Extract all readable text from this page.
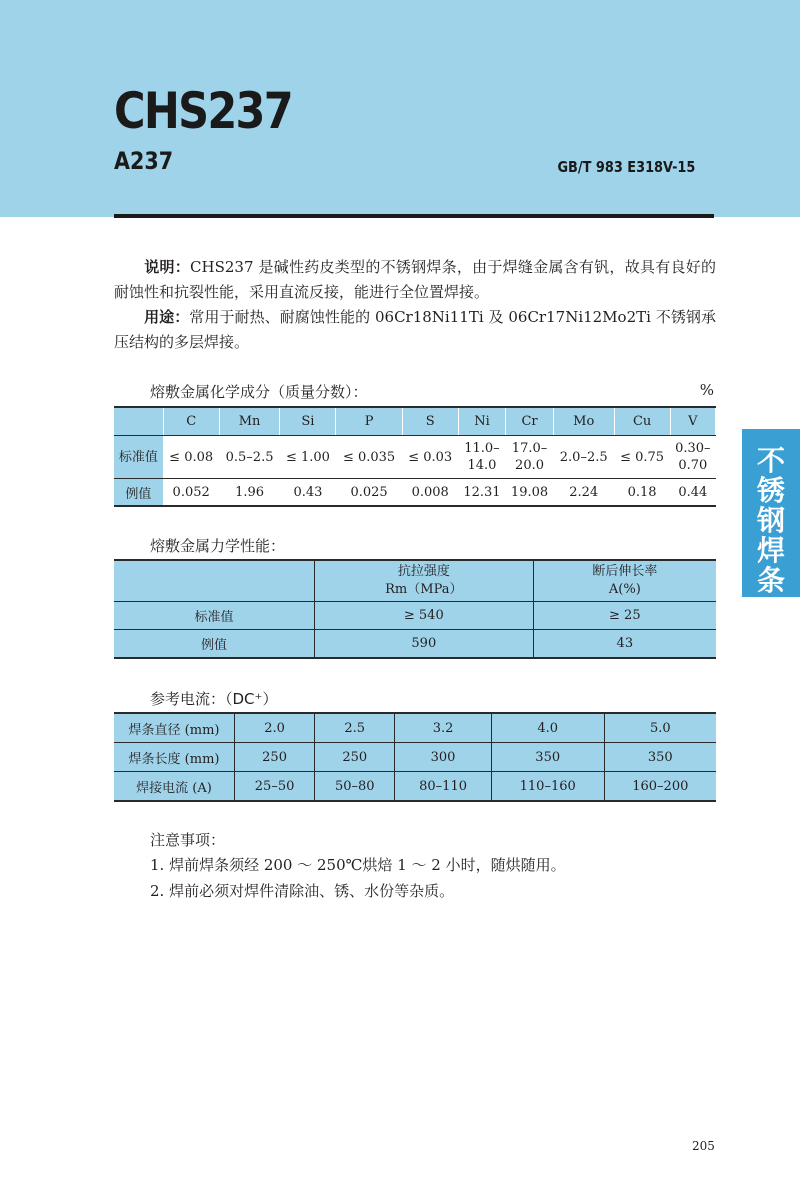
CHS237
A237	GB/T 983 E318V-15
说明：CHS237 是碱性药皮类型的不锈钢焊条，由于焊缝金属含有钒，故具有良好的耐蚀性和抗裂性能，采用直流反接，能进行全位置焊接。
用途：常用于耐热、耐腐蚀性能的 06Cr18Ni11Ti 及 06Cr17Ni12Mo2Ti 不锈钢承压结构的多层焊接。
熔敷金属化学成分（质量分数）：	%
	C	Mn	Si	P	S	Ni	Cr	Mo	Cu	V
标准值	≤ 0.08	0.5–2.5	≤ 1.00	≤ 0.035	≤ 0.03	11.0–
14.0	17.0–
20.0	2.0–2.5	≤ 0.75	0.30–
0.70
例值	0.052	1.96	0.43	0.025	0.008	12.31	19.08	2.24	0.18	0.44
熔敷金属力学性能：
	抗拉强度
Rm（MPa）	断后伸长率
A(%)
标准值	≥ 540	≥ 25
例值	590	43
参考电流：（DC⁺）
焊条直径 (mm)	2.0	2.5	3.2	4.0	5.0
焊条长度 (mm)	250	250	300	350	350
焊接电流 (A)	25–50	50–80	80–110	110–160	160–200
注意事项：
1. 焊前焊条须经 200 ～ 250℃烘焙 1 ～ 2 小时，随烘随用。
2. 焊前必须对焊件清除油、锈、水份等杂质。
不
锈
钢
焊
条
205
